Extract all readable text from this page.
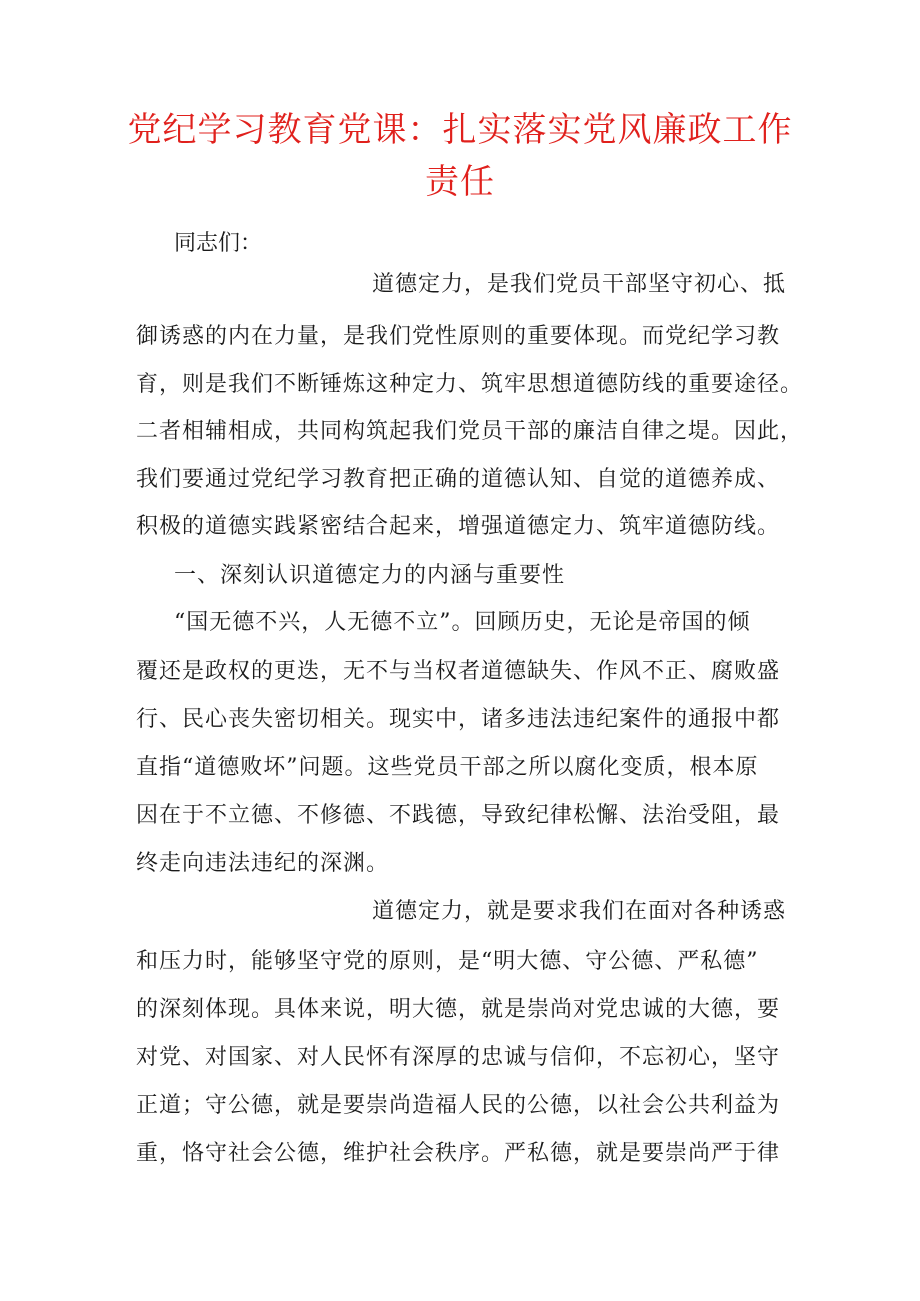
党纪学习教育党课：扎实落实党风廉政工作
责任
同志们：
道德定力，是我们党员干部坚守初心、抵
御诱惑的内在力量，是我们党性原则的重要体现。而党纪学习教
育，则是我们不断锤炼这种定力、筑牢思想道德防线的重要途径。
二者相辅相成，共同构筑起我们党员干部的廉洁自律之堤。因此，
我们要通过党纪学习教育把正确的道德认知、自觉的道德养成、
积极的道德实践紧密结合起来，增强道德定力、筑牢道德防线。
一、深刻认识道德定力的内涵与重要性
“国无德不兴，人无德不立”。回顾历史，无论是帝国的倾
覆还是政权的更迭，无不与当权者道德缺失、作风不正、腐败盛
行、民心丧失密切相关。现实中，诸多违法违纪案件的通报中都
直指“道德败坏”问题。这些党员干部之所以腐化变质，根本原
因在于不立德、不修德、不践德，导致纪律松懈、法治受阻，最
终走向违法违纪的深渊。
道德定力，就是要求我们在面对各种诱惑
和压力时，能够坚守党的原则，是“明大德、守公德、严私德”
的深刻体现。具体来说，明大德，就是崇尚对党忠诚的大德，要
对党、对国家、对人民怀有深厚的忠诚与信仰，不忘初心，坚守
正道；守公德，就是要崇尚造福人民的公德，以社会公共利益为
重，恪守社会公德，维护社会秩序。严私德，就是要崇尚严于律
